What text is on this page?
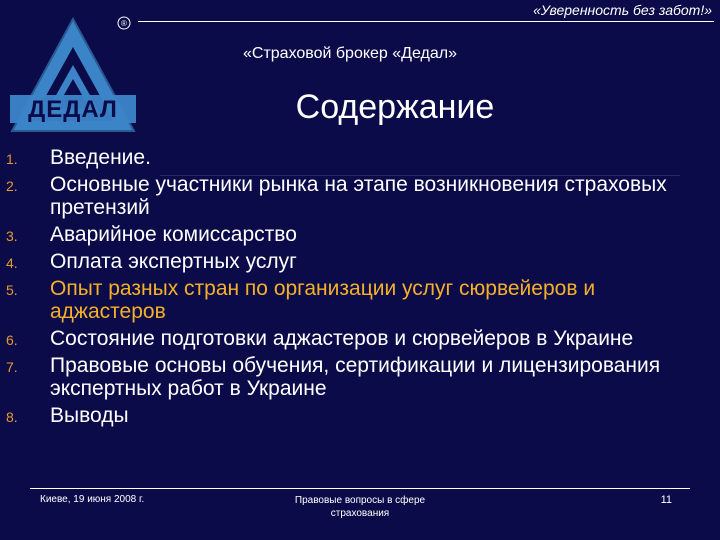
«Уверенность без забот!»
®
ДЕДАЛ
«Страховой брокер «Дедал»
Содержание
1. Введение.
2. Основные участники рынка на этапе возникновения страховых претензий
3. Аварийное комиссарство
4. Оплата экспертных услуг
5. Опыт разных стран по организации услуг сюрвейеров и аджастеров
6. Состояние подготовки аджастеров и сюрвейеров в Украине
7. Правовые основы обучения, сертификации и лицензирования экспертных работ в Украине
8. Выводы
Киеве, 19 июня 2008 г.	Правовые вопросы в сфере страхования
11
